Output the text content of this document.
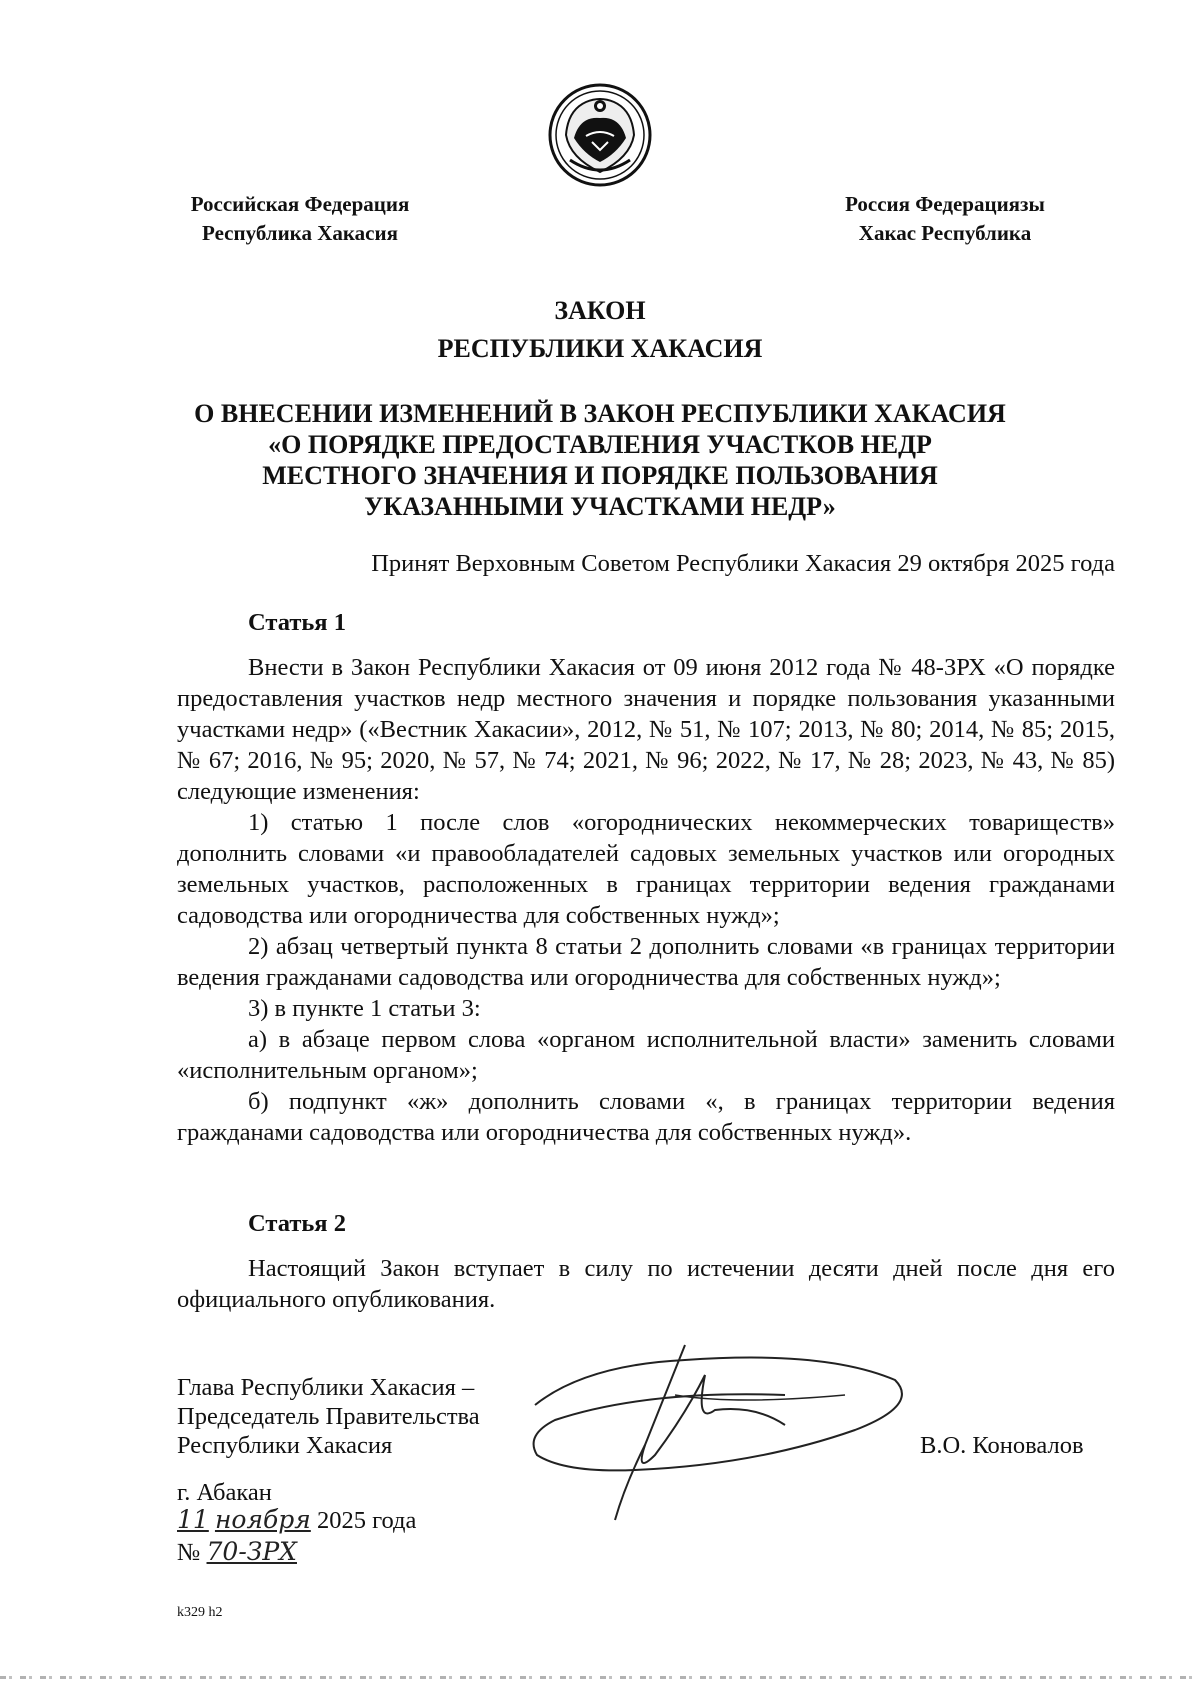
Российская Федерация
Республика Хакасия
Россия Федерациязы
Хакас Республика
ЗАКОН
РЕСПУБЛИКИ ХАКАСИЯ
О ВНЕСЕНИИ ИЗМЕНЕНИЙ В ЗАКОН РЕСПУБЛИКИ ХАКАСИЯ
«О ПОРЯДКЕ ПРЕДОСТАВЛЕНИЯ УЧАСТКОВ НЕДР
МЕСТНОГО ЗНАЧЕНИЯ И ПОРЯДКЕ ПОЛЬЗОВАНИЯ
УКАЗАННЫМИ УЧАСТКАМИ НЕДР»
Принят Верховным Советом Республики Хакасия 29 октября 2025 года
Статья 1

Внести в Закон Республики Хакасия от 09 июня 2012 года № 48-ЗРХ «О порядке предоставления участков недр местного значения и порядке пользования указанными участками недр» («Вестник Хакасии», 2012, № 51, № 107; 2013, № 80; 2014, № 85; 2015, № 67; 2016, № 95; 2020, № 57, № 74; 2021, № 96; 2022, № 17, № 28; 2023, № 43, № 85) следующие изменения:

1) статью 1 после слов «огороднических некоммерческих товариществ» дополнить словами «и правообладателей садовых земельных участков или огородных земельных участков, расположенных в границах территории ведения гражданами садоводства или огородничества для собственных нужд»;

2) абзац четвертый пункта 8 статьи 2 дополнить словами «в границах территории ведения гражданами садоводства или огородничества для собственных нужд»;

3) в пункте 1 статьи 3:

а) в абзаце первом слова «органом исполнительной власти» заменить словами «исполнительным органом»;

б) подпункт «ж» дополнить словами «, в границах территории ведения гражданами садоводства или огородничества для собственных нужд».

Статья 2

Настоящий Закон вступает в силу по истечении десяти дней после дня его официального опубликования.

Глава Республики Хакасия –
Председатель Правительства
Республики Хакасия	В.О. Коновалов
г. Абакан
11 ноября 2025 года
№ 70-ЗРХ
k329 h2
